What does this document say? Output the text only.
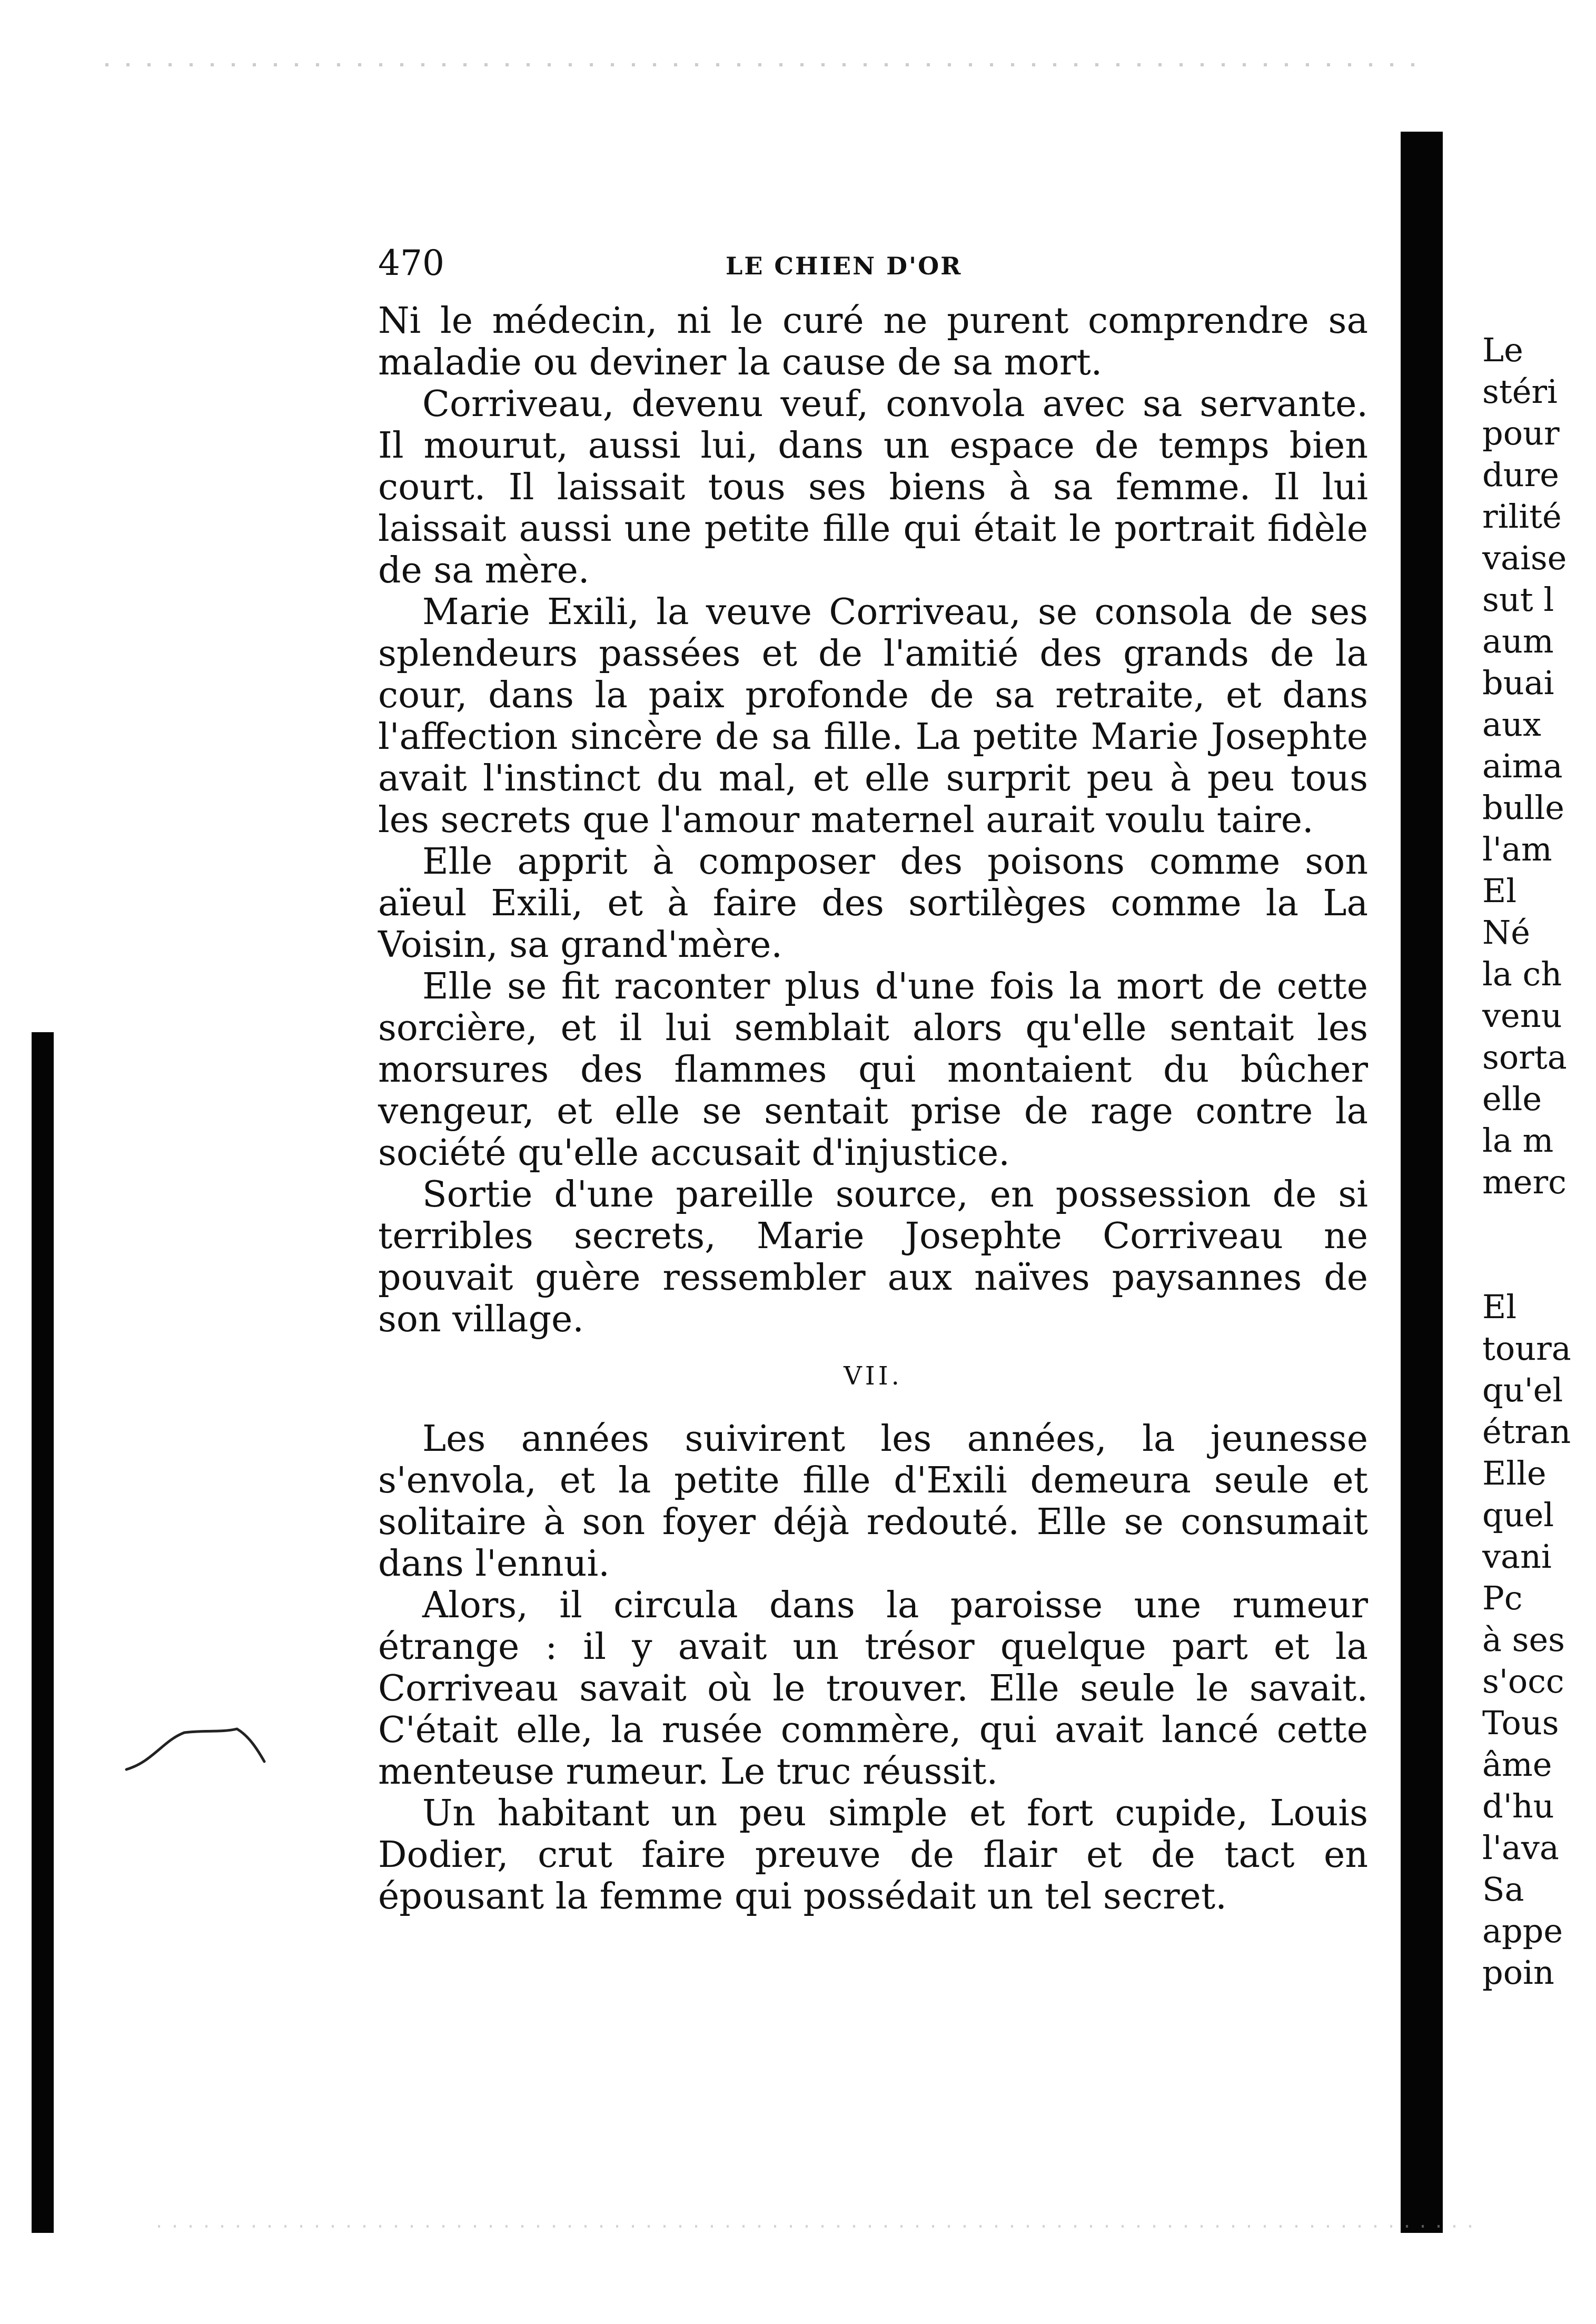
470	LE CHIEN D'OR

Ni le médecin, ni le curé ne purent comprendre sa maladie ou deviner la cause de sa mort.

Corriveau, devenu veuf, convola avec sa servante. Il mourut, aussi lui, dans un espace de temps bien court. Il laissait tous ses biens à sa femme. Il lui laissait aussi une petite fille qui était le portrait fidèle de sa mère.

Marie Exili, la veuve Corriveau, se consola de ses splendeurs passées et de l'amitié des grands de la cour, dans la paix profonde de sa retraite, et dans l'affection sincère de sa fille. La petite Marie Josephte avait l'instinct du mal, et elle surprit peu à peu tous les secrets que l'amour maternel aurait voulu taire.

Elle apprit à composer des poisons comme son aïeul Exili, et à faire des sortilèges comme la La Voisin, sa grand'mère.

Elle se fit raconter plus d'une fois la mort de cette sorcière, et il lui semblait alors qu'elle sentait les morsures des flammes qui montaient du bûcher vengeur, et elle se sentait prise de rage contre la société qu'elle accusait d'injustice.

Sortie d'une pareille source, en possession de si terribles secrets, Marie Josephte Corriveau ne pouvait guère ressembler aux naïves paysannes de son village.

VII.

Les années suivirent les années, la jeunesse s'envola, et la petite fille d'Exili demeura seule et solitaire à son foyer déjà redouté. Elle se consumait dans l'ennui.

Alors, il circula dans la paroisse une rumeur étrange : il y avait un trésor quelque part et la Corriveau savait où le trouver. Elle seule le savait. C'était elle, la rusée commère, qui avait lancé cette menteuse rumeur. Le truc réussit.

Un habitant un peu simple et fort cupide, Louis Dodier, crut faire preuve de flair et de tact en épousant la femme qui possédait un tel secret.

Le
stéri
pour
dure
rilité
vaise
sut l
aum
buai
aux
aima
bulle
l'am
El
Né
la ch
venu
sorta
elle
la m
merc
El
toura
qu'el
étran
Elle
quel
vani
Pc
à ses
s'occ
Tous
âme
d'hu
l'ava
Sa
appe
poin
